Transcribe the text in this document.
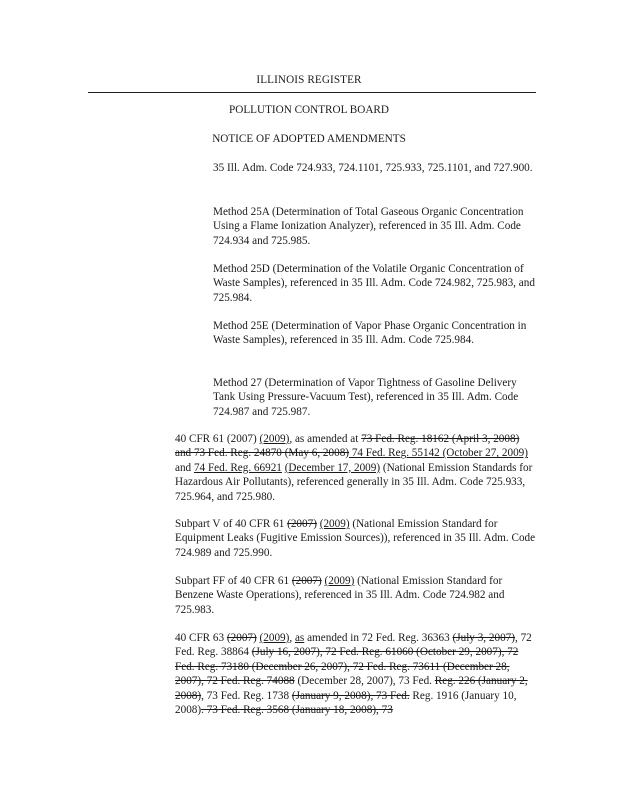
ILLINOIS REGISTER
POLLUTION CONTROL BOARD
NOTICE OF ADOPTED AMENDMENTS

35 Ill. Adm. Code 724.933, 724.1101, 725.933, 725.1101, and 727.900.

Method 25A (Determination of Total Gaseous Organic Concentration Using a Flame Ionization Analyzer), referenced in 35 Ill. Adm. Code 724.934 and 725.985.

Method 25D (Determination of the Volatile Organic Concentration of Waste Samples), referenced in 35 Ill. Adm. Code 724.982, 725.983, and 725.984.

Method 25E (Determination of Vapor Phase Organic Concentration in Waste Samples), referenced in 35 Ill. Adm. Code 725.984.

Method 27 (Determination of Vapor Tightness of Gasoline Delivery Tank Using Pressure-Vacuum Test), referenced in 35 Ill. Adm. Code 724.987 and 725.987.

40 CFR 61 (2007) (2009), as amended at 73 Fed. Reg. 18162 (April 3, 2008) and 73 Fed. Reg. 24870 (May 6, 2008) 74 Fed. Reg. 55142 (October 27, 2009) and 74 Fed. Reg. 66921 (December 17, 2009) (National Emission Standards for Hazardous Air Pollutants), referenced generally in 35 Ill. Adm. Code 725.933, 725.964, and 725.980.

Subpart V of 40 CFR 61 (2007) (2009) (National Emission Standard for Equipment Leaks (Fugitive Emission Sources)), referenced in 35 Ill. Adm. Code 724.989 and 725.990.

Subpart FF of 40 CFR 61 (2007) (2009) (National Emission Standard for Benzene Waste Operations), referenced in 35 Ill. Adm. Code 724.982 and 725.983.

40 CFR 63 (2007) (2009), as amended in 72 Fed. Reg. 36363 (July 3, 2007), 72 Fed. Reg. 38864 (July 16, 2007), 72 Fed. Reg. 61060 (October 29, 2007), 72 Fed. Reg. 73180 (December 26, 2007), 72 Fed. Reg. 73611 (December 28, 2007), 72 Fed. Reg. 74088 (December 28, 2007), 73 Fed. Reg. 226 (January 2, 2008), 73 Fed. Reg. 1738 (January 9, 2008), 73 Fed. Reg. 1916 (January 10, 2008). 73 Fed. Reg. 3568 (January 18, 2008), 73
